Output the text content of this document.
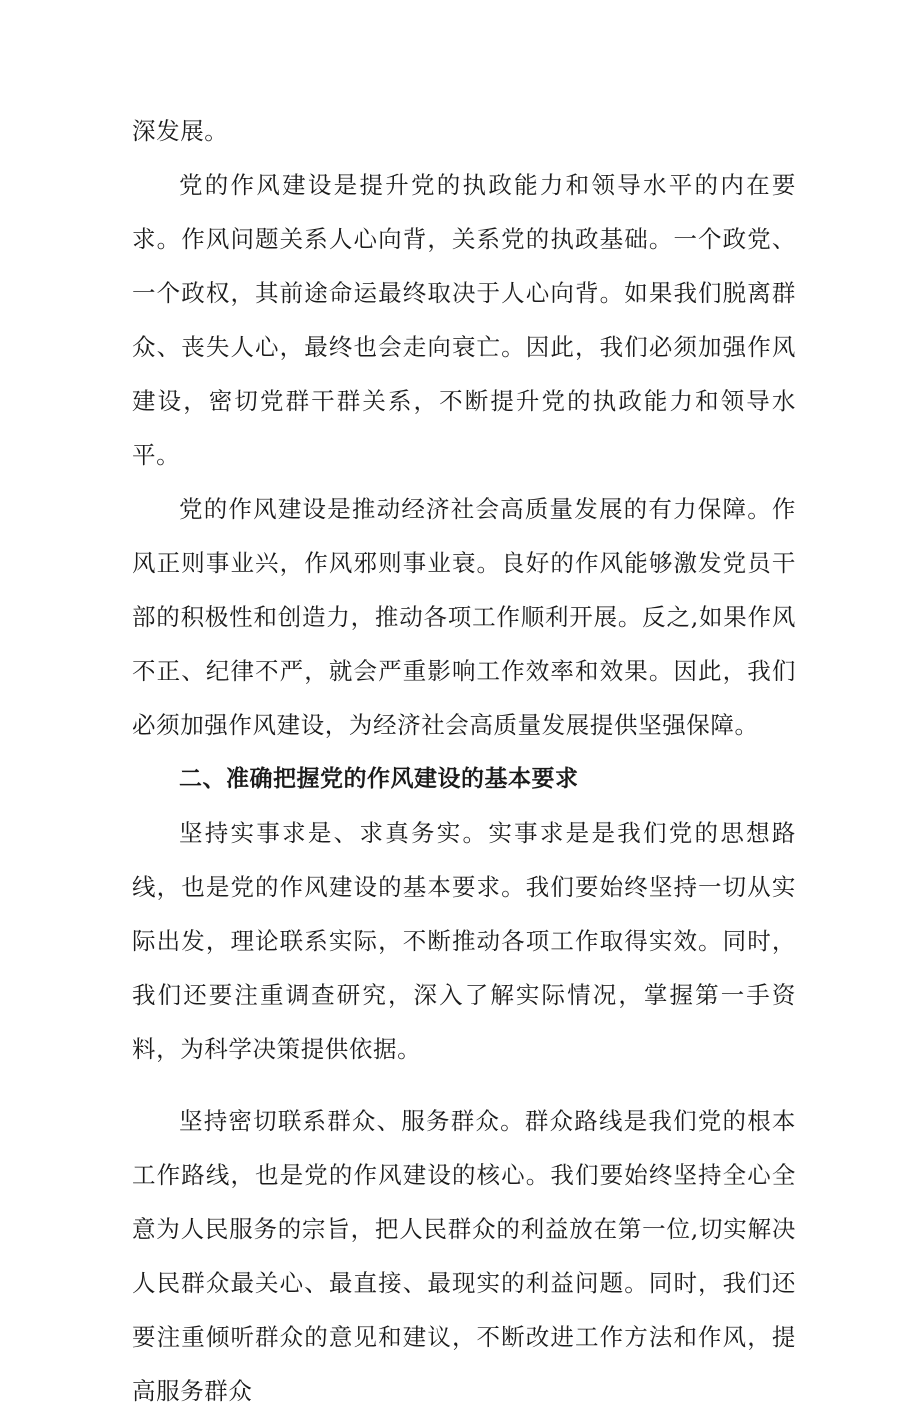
深发展。

党的作风建设是提升党的执政能力和领导水平的内在要求。作风问题关系人心向背，关系党的执政基础。一个政党、一个政权，其前途命运最终取决于人心向背。如果我们脱离群众、丧失人心，最终也会走向衰亡。因此，我们必须加强作风建设，密切党群干群关系，不断提升党的执政能力和领导水平。

党的作风建设是推动经济社会高质量发展的有力保障。作风正则事业兴，作风邪则事业衰。良好的作风能够激发党员干部的积极性和创造力，推动各项工作顺利开展。反之,如果作风不正、纪律不严，就会严重影响工作效率和效果。因此，我们必须加强作风建设，为经济社会高质量发展提供坚强保障。

二、准确把握党的作风建设的基本要求

坚持实事求是、求真务实。实事求是是我们党的思想路线，也是党的作风建设的基本要求。我们要始终坚持一切从实际出发，理论联系实际，不断推动各项工作取得实效。同时，我们还要注重调查研究，深入了解实际情况，掌握第一手资料，为科学决策提供依据。

坚持密切联系群众、服务群众。群众路线是我们党的根本工作路线，也是党的作风建设的核心。我们要始终坚持全心全意为人民服务的宗旨，把人民群众的利益放在第一位,切实解决人民群众最关心、最直接、最现实的利益问题。同时，我们还要注重倾听群众的意见和建议，不断改进工作方法和作风，提高服务群众
